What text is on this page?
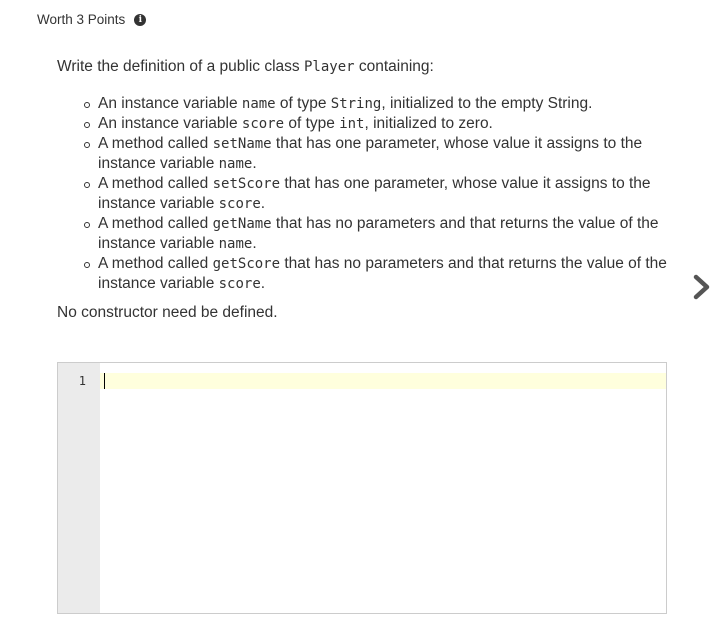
Worth 3 Points	i

Write the definition of a public class Player containing:

An instance variable name of type String, initialized to the empty String.
An instance variable score of type int, initialized to zero.
A method called setName that has one parameter, whose value it assigns to the instance variable name.
A method called setScore that has one parameter, whose value it assigns to the instance variable score.
A method called getName that has no parameters and that returns the value of the instance variable name.
A method called getScore that has no parameters and that returns the value of the instance variable score.
No constructor need be defined.
1
